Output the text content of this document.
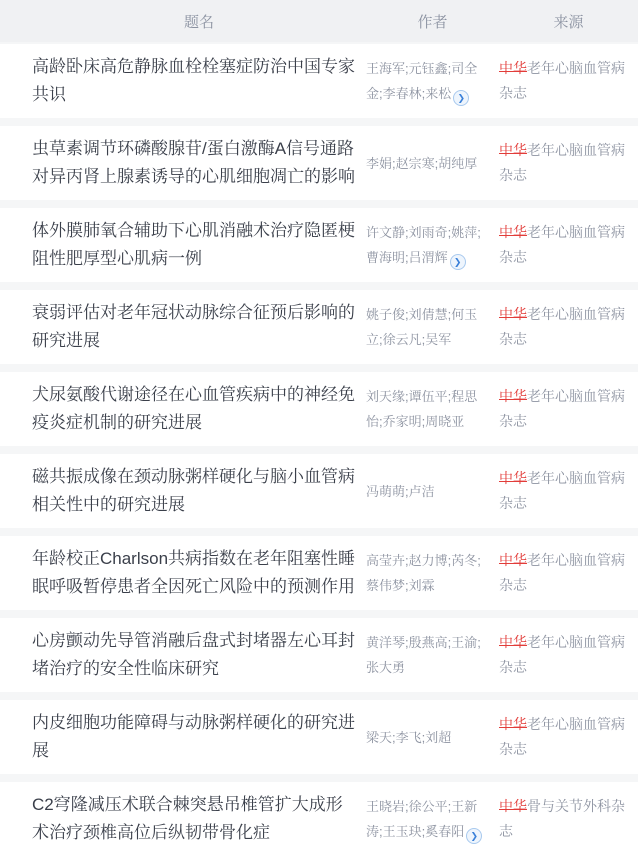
题名	作者	来源
高龄卧床高危静脉血栓栓塞症防治中国专家共识
王海军;元钰鑫;司全金;李春林;来松 ❯
中华老年心脑血管病杂志
虫草素调节环磷酸腺苷/蛋白激酶A信号通路对异丙肾上腺素诱导的心肌细胞凋亡的影响
李娟;赵宗寒;胡纯厚
中华老年心脑血管病杂志
体外膜肺氧合辅助下心肌消融术治疗隐匿梗阻性肥厚型心肌病一例
许文静;刘雨奇;姚萍;曹海明;吕渭辉 ❯
中华老年心脑血管病杂志
衰弱评估对老年冠状动脉综合征预后影响的研究进展
姚子俊;刘倩慧;何玉立;徐云凡;吴军
中华老年心脑血管病杂志
犬尿氨酸代谢途径在心血管疾病中的神经免疫炎症机制的研究进展
刘天缘;谭伍平;程思怡;乔家明;周晓亚
中华老年心脑血管病杂志
磁共振成像在颈动脉粥样硬化与脑小血管病相关性中的研究进展
冯萌萌;卢洁
中华老年心脑血管病杂志
年龄校正Charlson共病指数在老年阻塞性睡眠呼吸暂停患者全因死亡风险中的预测作用
高莹卉;赵力博;芮冬;蔡伟梦;刘霖
中华老年心脑血管病杂志
心房颤动先导管消融后盘式封堵器左心耳封堵治疗的安全性临床研究
黄洋琴;殷燕高;王渝;张大勇
中华老年心脑血管病杂志
内皮细胞功能障碍与动脉粥样硬化的研究进展
梁天;李飞;刘超
中华老年心脑血管病杂志
C2穹隆减压术联合棘突悬吊椎管扩大成形术治疗颈椎高位后纵韧带骨化症
王晓岩;徐公平;王新涛;王玉玦;奚春阳 ❯
中华骨与关节外科杂志
